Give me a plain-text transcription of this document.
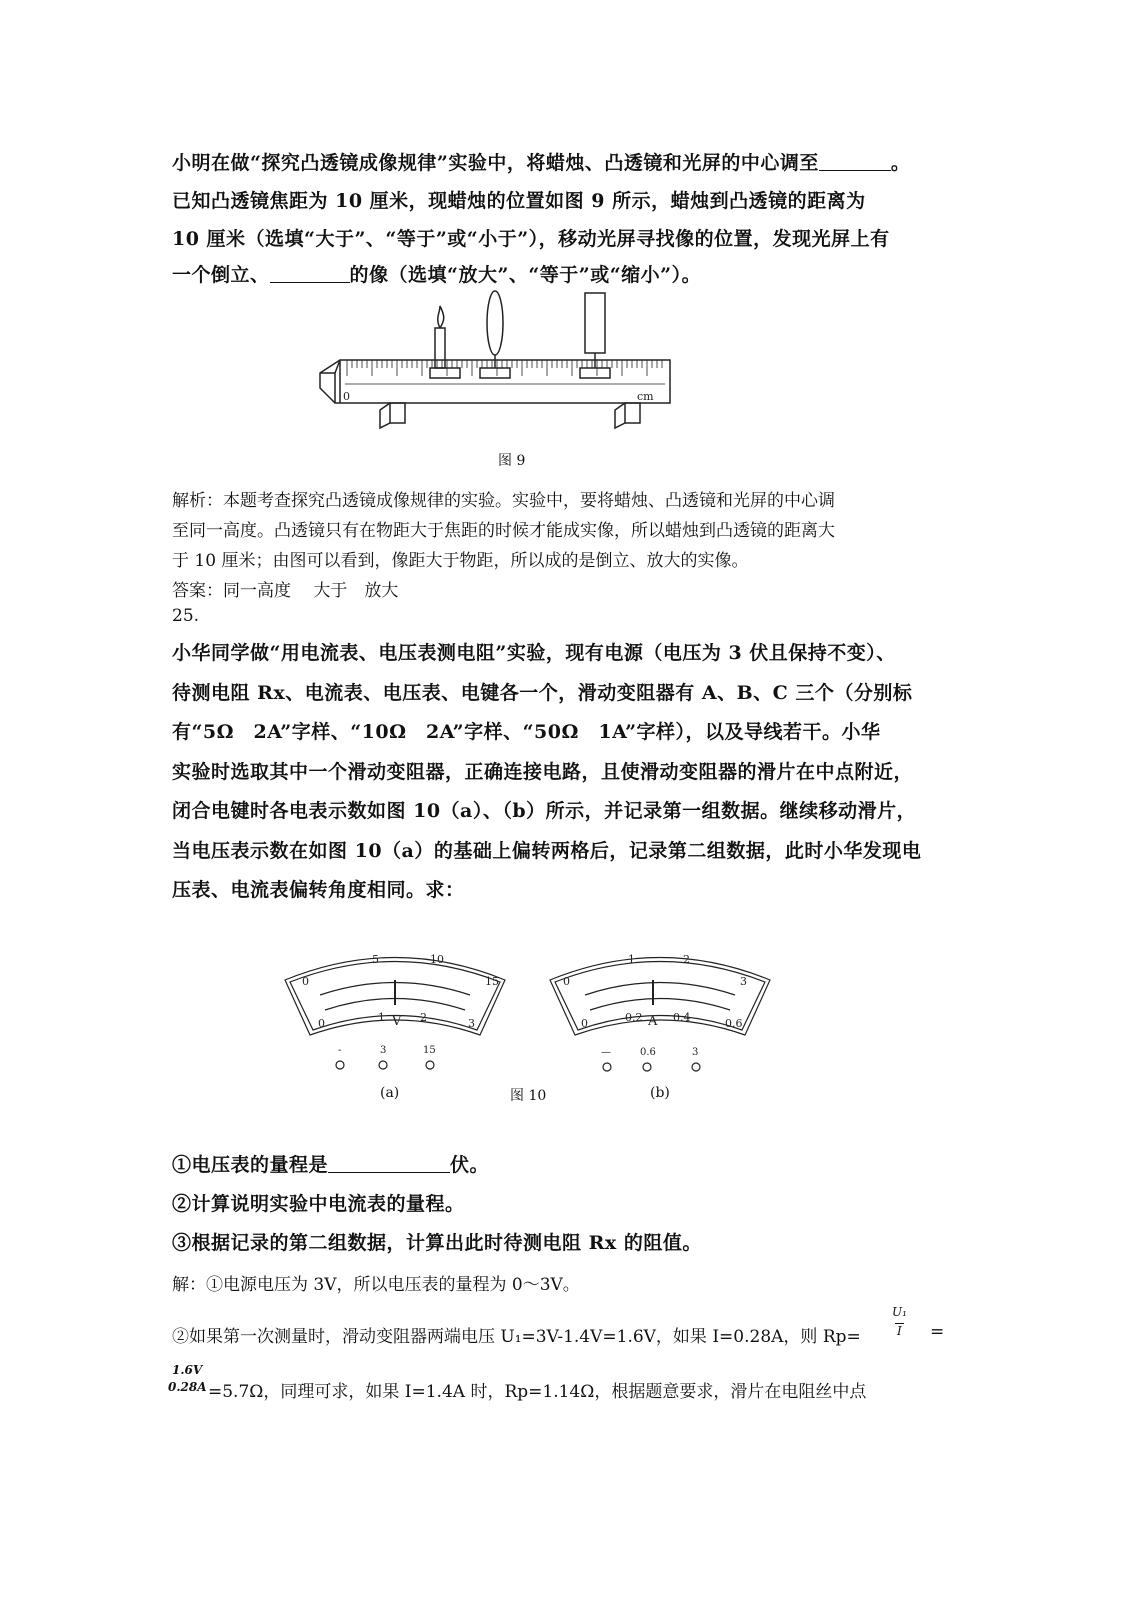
小明在做“探究凸透镜成像规律”实验中，将蜡烛、凸透镜和光屏的中心调至	。
已知凸透镜焦距为 10 厘米，现蜡烛的位置如图 9 所示，蜡烛到凸透镜的距离为
10 厘米（选填“大于”、“等于”或“小于”），移动光屏寻找像的位置，发现光屏上有
一个倒立、	的像（选填“放大”、“等于”或“缩小”）。
0	cm
图 9
解析：本题考查探究凸透镜成像规律的实验。实验中，要将蜡烛、凸透镜和光屏的中心调
至同一高度。凸透镜只有在物距大于焦距的时候才能成实像，所以蜡烛到凸透镜的距离大
于 10 厘米；由图可以看到，像距大于物距，所以成的是倒立、放大的实像。
答案：同一高度　 大于　放大
25.
小华同学做“用电流表、电压表测电阻”实验，现有电源（电压为 3 伏且保持不变）、
待测电阻 Rx、电流表、电压表、电键各一个，滑动变阻器有 A、B、C 三个（分别标
有“5Ω　2A”字样、“10Ω　2A”字样、“50Ω　1A”字样），以及导线若干。小华
实验时选取其中一个滑动变阻器，正确连接电路，且使滑动变阻器的滑片在中点附近，
闭合电键时各电表示数如图 10（a）、（b）所示，并记录第一组数据。继续移动滑片，
当电压表示数在如图 10（a）的基础上偏转两格后，记录第二组数据，此时小华发现电
压表、电流表偏转角度相同。求：
0
5	10
15
0	1	2	3
V
-	3	15
0
1	2
3
0	0.2	0.4	0.6
A
—	0.6	3
(a)	图 10	(b)
①电压表的量程是	伏。
②计算说明实验中电流表的量程。
③根据记录的第二组数据，计算出此时待测电阻 Rx 的阻值。
解：①电源电压为 3V，所以电压表的量程为 0～3V。
②如果第一次测量时，滑动变阻器两端电压 U₁=3V-1.4V=1.6V，如果 I=0.28A，则 Rp=
U₁
I =
1.6V
0.28A =5.7Ω，同理可求，如果 I=1.4A 时，Rp=1.14Ω，根据题意要求，滑片在电阻丝中点
